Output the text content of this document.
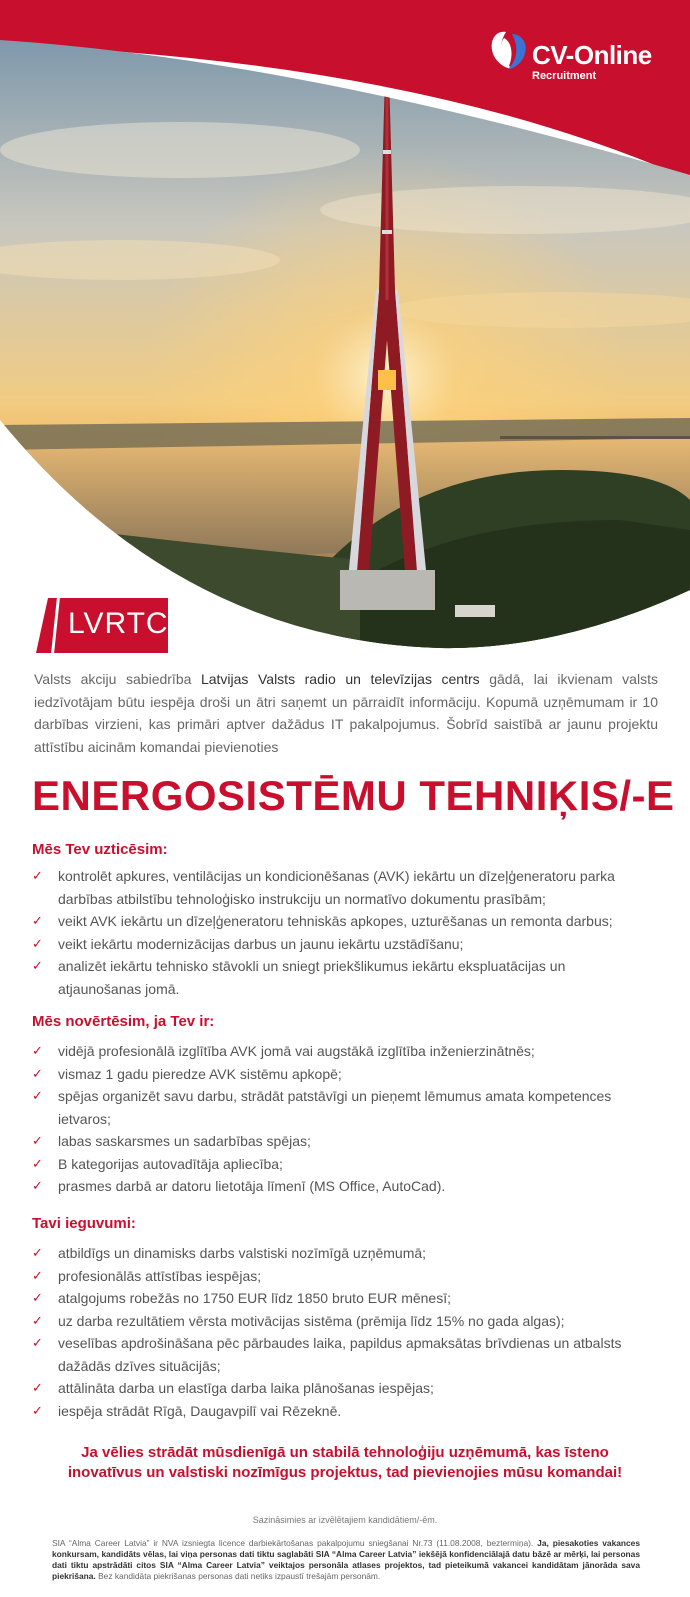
CV-Online
Recruitment
LVRTC

Valsts akciju sabiedrība Latvijas Valsts radio un televīzijas centrs gādā, lai ikvienam valsts iedzīvotājam būtu iespēja droši un ātri saņemt un pārraidīt informāciju. Kopumā uzņēmumam ir 10 darbības virzieni, kas primāri aptver dažādus IT pakalpojumus. Šobrīd saistībā ar jaunu projektu attīstību aicinām komandai pievienoties

ENERGOSISTĒMU TEHNIĶIS/-E
Mēs Tev uzticēsim:
✓ kontrolēt apkures, ventilācijas un kondicionēšanas (AVK) iekārtu un dīzeļģeneratoru parka darbības atbilstību tehnoloģisko instrukciju un normatīvo dokumentu prasībām;
✓ veikt AVK iekārtu un dīzeļģeneratoru tehniskās apkopes, uzturēšanas un remonta darbus;
✓ veikt iekārtu modernizācijas darbus un jaunu iekārtu uzstādīšanu;
✓ analizēt iekārtu tehnisko stāvokli un sniegt priekšlikumus iekārtu ekspluatācijas un atjaunošanas jomā.
Mēs novērtēsim, ja Tev ir:
✓ vidējā profesionālā izglītība AVK jomā vai augstākā izglītība inženierzinātnēs;
✓ vismaz 1 gadu pieredze AVK sistēmu apkopē;
✓ spējas organizēt savu darbu, strādāt patstāvīgi un pieņemt lēmumus amata kompetences ietvaros;
✓ labas saskarsmes un sadarbības spējas;
✓ B kategorijas autovadītāja apliecība;
✓ prasmes darbā ar datoru lietotāja līmenī (MS Office, AutoCad).
Tavi ieguvumi:
✓ atbildīgs un dinamisks darbs valstiski nozīmīgā uzņēmumā;
✓ profesionālās attīstības iespējas;
✓ atalgojums robežās no 1750 EUR līdz 1850 bruto EUR mēnesī;
✓ uz darba rezultātiem vērsta motivācijas sistēma (prēmija līdz 15% no gada algas);
✓ veselības apdrošināšana pēc pārbaudes laika, papildus apmaksātas brīvdienas un atbalsts dažādās dzīves situācijās;
✓ attālināta darba un elastīga darba laika plānošanas iespējas;
✓ iespēja strādāt Rīgā, Daugavpilī vai Rēzeknē.

Ja vēlies strādāt mūsdienīgā un stabilā tehnoloģiju uzņēmumā, kas īsteno inovatīvus un valstiski nozīmīgus projektus, tad pievienojies mūsu komandai!

Sazināsimies ar izvēlētajiem kandidātiem/-ēm.

SIA “Alma Career Latvia” ir NVA izsniegta licence darbiekārtošanas pakalpojumu sniegšanai Nr.73 (11.08.2008, beztermiņa). Ja, piesakoties vakances konkursam, kandidāts vēlas, lai viņa personas dati tiktu saglabāti SIA “Alma Career Latvia” iekšējā konfidenciālajā datu bāzē ar mērķi, lai personas dati tiktu apstrādāti citos SIA “Alma Career Latvia” veiktajos personāla atlases projektos, tad pieteikumā vakancei kandidātam jānorāda sava piekrišana. Bez kandidāta piekrišanas personas dati netiks izpaustī trešajām personām.
